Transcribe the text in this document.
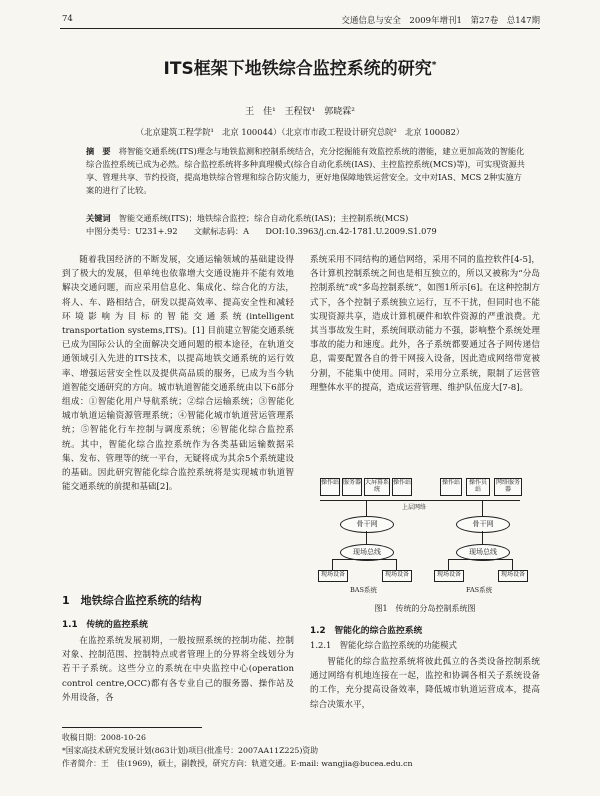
74	交通信息与安全　2009年增刊1　第27卷　总147期
ITS框架下地铁综合监控系统的研究*
王　佳¹　王程钗¹　郭晓霖²
（北京建筑工程学院¹　北京 100044）（北京市市政工程设计研究总院²　北京 100082）
摘　要　 将智能交通系统(ITS)理念与地铁监测和控制系统结合，充分挖掘能有效监控系统的潜能，建立更加高效的智能化综合监控系统已成为必然。综合监控系统将多种真理模式(综合自动化系统(IAS)、主控监控系统(MCS)等)，可实现资源共享、管理共享、节约投资，提高地铁综合管理和综合防灾能力，更好地保障地铁运营安全。文中对IAS、MCS 2种实施方案的进行了比较。
关键词　 智能交通系统(ITS)；地铁综合监控；综合自动化系统(IAS)；主控制系统(MCS)
中图分类号：U231+.92　　 文献标志码：A　　 DOI:10.3963/j.cn.42-1781.U.2009.S1.079
随着我国经济的不断发展，交通运输领域的基础建设得到了极大的发展，但单纯也依靠增大交通设施并不能有效地解决交通问题，而应采用信息化、集成化、综合化的方法，将人、车、路相结合，研发以提高效率、提高安全性和减轻环境影响为目标的智能交通系统(intelligent transportation systems,ITS)。[1] 目前建立智能交通系统已成为国际公认的全面解决交通问题的根本途径，在轨道交通领域引入先进的ITS技术，以提高地铁交通系统的运行效率、增强运营安全性以及提供高品质的服务，已成为当今轨道智能交通研究的方向。城市轨道智能交通系统由以下6部分组成：①智能化用户导航系统；②综合运输系统；③智能化城市轨道运输资源管理系统；④智能化城市轨道营运管理系统；⑤智能化行车控制与调度系统；⑥智能化综合监控系统。其中，智能化综合监控系统作为各类基础运输数据采集、发布、管理等的统一平台，无疑将成为其余5个系统建设的基础。因此研究智能化综合监控系统将是实现城市轨道智能交通系统的前提和基础[2]。
1　地铁综合监控系统的结构
1.1　传统的监控系统
在监控系统发展初期，一般按照系统的控制功能、控制对象、控制范围、控制特点或者管理上的分界将全线划分为若干子系统。这些分立的系统在中央监控中心(operation control centre,OCC)都有各专业自己的服务器、操作站及外用设备，各
系统采用不同结构的通信网络，采用不同的监控软件[4-5]，各计算机控制系统之间也是相互独立的，所以又被称为“分岛控制系统”或“多岛控制系统”，如图1所示[6]。在这种控制方式下，各个控制子系统独立运行，互不干扰，但同时也不能实现资源共享，造成计算机硬件和软件资源的严重浪费。尤其当事故发生时，系统间联动能力不强，影响整个系统处理事故的能力和速度。此外，各子系统都要通过各子网传递信息，需要配置各自的骨干网接入设备，因此造成网络带宽被分割，不能集中使用。同时，采用分立系统，限制了运营管理整体水平的提高，造成运营管理、维护队伍庞大[7-8]。
操作站 服务器 大屏幕系统
操作站	操作站	操作员站
网络服务器
上层网络
骨干网
现场总线
骨干网
现场总线
现场设备	现场设备	现场设备	现场设备
BAS系统	FAS系统
图1　传统的分岛控制系统图
1.2　智能化的综合监控系统
1.2.1　智能化综合监控系统的功能模式
智能化的综合监控系统将彼此孤立的各类设备控制系统通过网络有机地连接在一起，监控和协调各相关子系统设备的工作，充分提高设备效率，降低城市轨道运营成本，提高综合决策水平，
收稿日期：2008-10-26
*国家高技术研究发展计划(863计划)项目(批准号：2007AA11Z225)资助
作者简介：王　佳(1969)，硕士，副教授，研究方向：轨道交通。E-mail: wangjia@bucea.edu.cn
